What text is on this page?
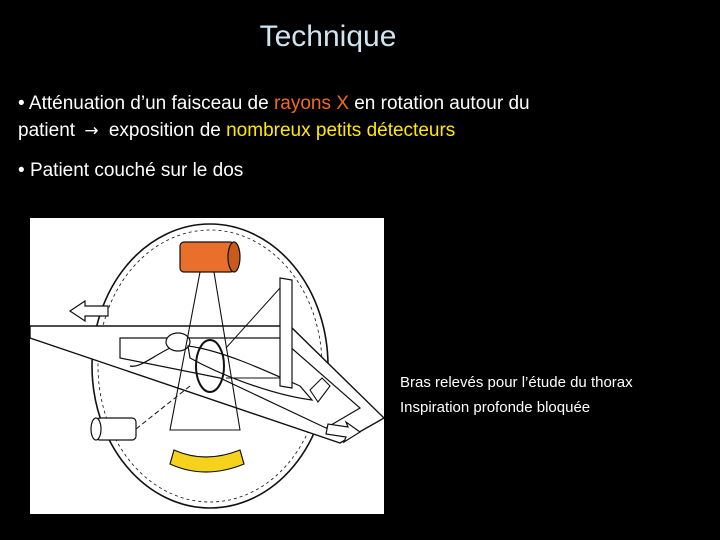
Technique
• Atténuation d’un faisceau de rayons X en rotation autour du
patient → exposition de nombreux petits détecteurs
• Patient couché sur le dos
Bras relevés pour l’étude du thorax
Inspiration profonde bloquée
